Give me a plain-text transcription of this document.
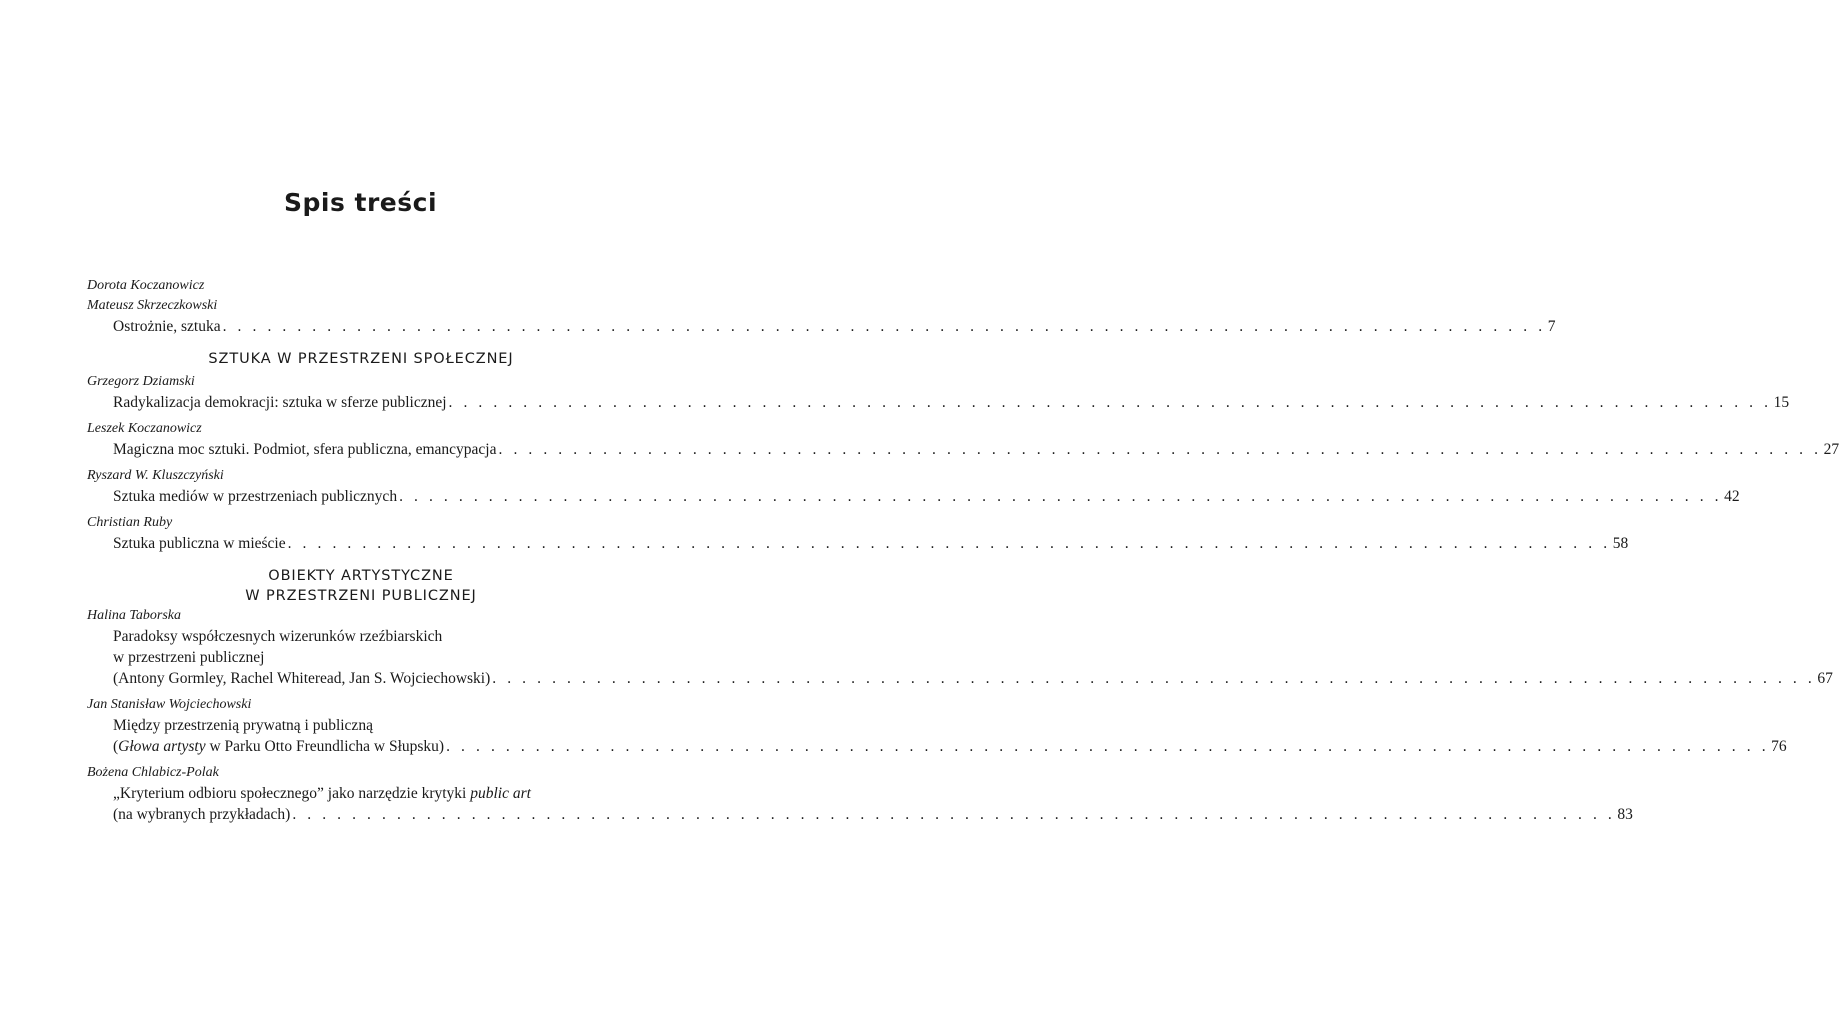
Spis treści
Dorota Koczanowicz
Mateusz Skrzeczkowski
Ostrożnie, sztuka . . . . . . . . . . . . . . . . . . . . . . . . . . . . . . . . . . . . . . . . . . . . . . . . . . . . . . . . . . . . . . . . . . . . . . . . . . . . . . . . . . . . . . . . . 7
SZTUKA W PRZESTRZENI SPOŁECZNEJ
Grzegorz Dziamski
Radykalizacja demokracji: sztuka w sferze publicznej . . . . . . . . . . . . . . . . . . . . . . . . . . . . . . . . . . . . . . . . . . . . . . . . . . . . . . . . . . . . . . . . . . . . . . . . . . . . . . . . . . . . . . . . . 15
Leszek Koczanowicz
Magiczna moc sztuki. Podmiot, sfera publiczna, emancypacja . . . . . . . . . . . . . . . . . . . . . . . . . . . . . . . . . . . . . . . . . . . . . . . . . . . . . . . . . . . . . . . . . . . . . . . . . . . . . . . . . . . . . . . . . 27
Ryszard W. Kluszczyński
Sztuka mediów w przestrzeniach publicznych . . . . . . . . . . . . . . . . . . . . . . . . . . . . . . . . . . . . . . . . . . . . . . . . . . . . . . . . . . . . . . . . . . . . . . . . . . . . . . . . . . . . . . . . . 42
Christian Ruby
Sztuka publiczna w mieście . . . . . . . . . . . . . . . . . . . . . . . . . . . . . . . . . . . . . . . . . . . . . . . . . . . . . . . . . . . . . . . . . . . . . . . . . . . . . . . . . . . . . . . . . 58
OBIEKTY ARTYSTYCZNE
W PRZESTRZENI PUBLICZNEJ
Halina Taborska
Paradoksy współczesnych wizerunków rzeźbiarskich
w przestrzeni publicznej
(Antony Gormley, Rachel Whiteread, Jan S. Wojciechowski) . . . . . . . . . . . . . . . . . . . . . . . . . . . . . . . . . . . . . . . . . . . . . . . . . . . . . . . . . . . . . . . . . . . . . . . . . . . . . . . . . . . . . . . . . 67
Jan Stanisław Wojciechowski
Między przestrzenią prywatną i publiczną
(Głowa artysty w Parku Otto Freundlicha w Słupsku) . . . . . . . . . . . . . . . . . . . . . . . . . . . . . . . . . . . . . . . . . . . . . . . . . . . . . . . . . . . . . . . . . . . . . . . . . . . . . . . . . . . . . . . . . 76
Bożena Chlabicz-Polak
„Kryterium odbioru społecznego” jako narzędzie krytyki public art
(na wybranych przykładach) . . . . . . . . . . . . . . . . . . . . . . . . . . . . . . . . . . . . . . . . . . . . . . . . . . . . . . . . . . . . . . . . . . . . . . . . . . . . . . . . . . . . . . . . . 83
